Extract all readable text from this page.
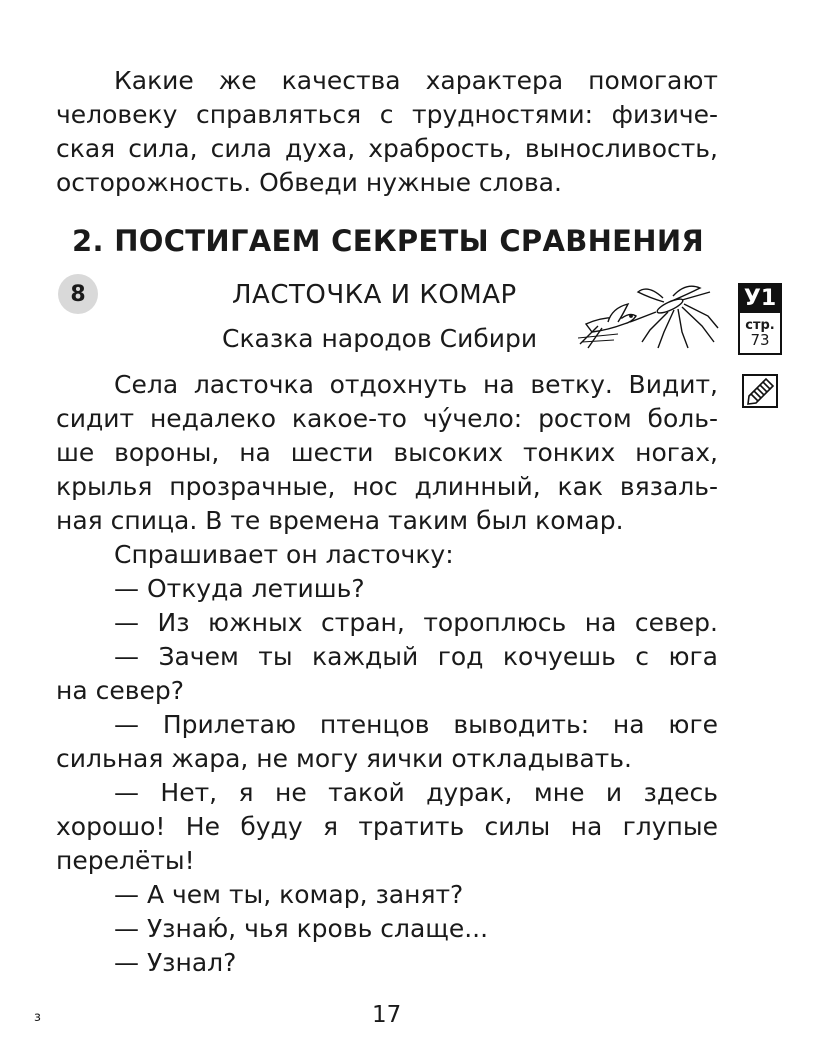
Какие же качества характера помогают
человеку справляться с трудностями: физиче-
ская сила, сила духа, храбрость, выносливость,
осторожность. Обведи нужные слова.
2. ПОСТИГАЕМ СЕКРЕТЫ СРАВНЕНИЯ
8	ЛАСТОЧКА И КОМАР
Сказка народов Сибири
У1
стр.
73
Села ласточка отдохнуть на ветку. Видит,
сидит недалеко какое-то чу́чело: ростом боль-
ше вороны, на шести высоких тонких ногах,
крылья прозрачные, нос длинный, как вязаль-
ная спица. В те времена таким был комар.
Спрашивает он ласточку:
— Откуда летишь?
— Из южных стран, тороплюсь на север.
— Зачем ты каждый год кочуешь с юга
на север?
— Прилетаю птенцов выводить: на юге
сильная жара, не могу яички откладывать.
— Нет, я не такой дурак, мне и здесь
хорошо! Не буду я тратить силы на глупые
перелёты!
— А чем ты, комар, занят?
— Узнаю́, чья кровь слаще...
— Узнал?
з	17
